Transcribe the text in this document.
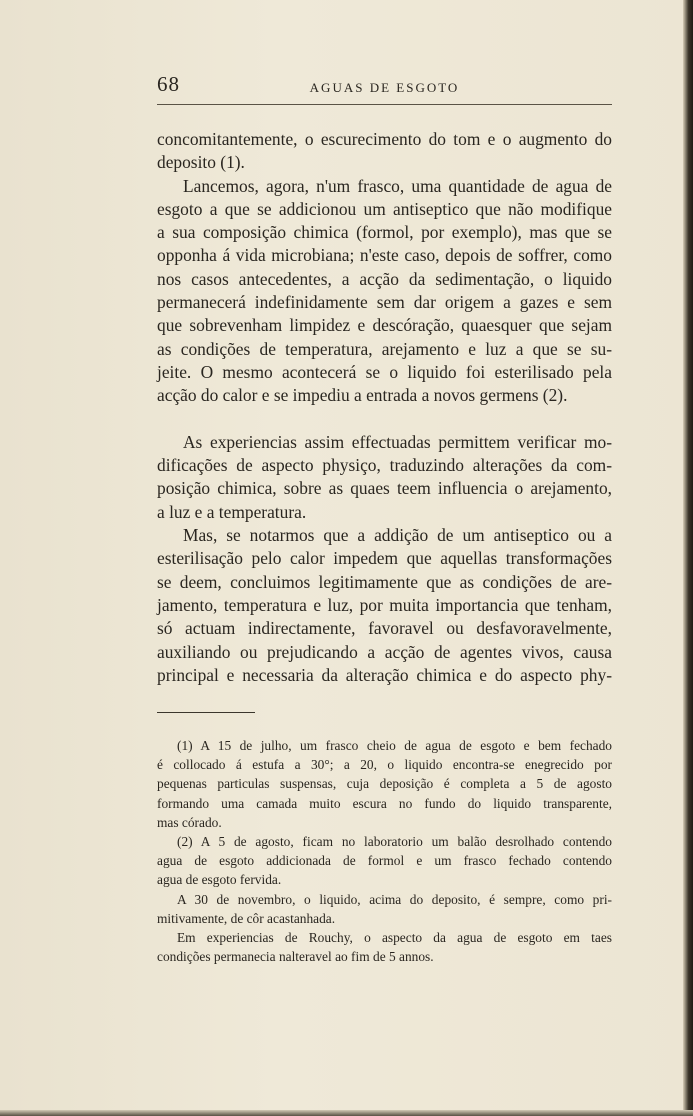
68	AGUAS DE ESGOTO
concomitantemente, o escurecimento do tom e o augmento do
deposito (1).
Lancemos, agora, n'um frasco, uma quantidade de agua de
esgoto a que se addicionou um antiseptico que não modifique
a sua composição chimica (formol, por exemplo), mas que se
opponha á vida microbiana; n'este caso, depois de soffrer, como
nos casos antecedentes, a acção da sedimentação, o liquido
permanecerá indefinidamente sem dar origem a gazes e sem
que sobrevenham limpidez e descóração, quaesquer que sejam
as condições de temperatura, arejamento e luz a que se su-
jeite. O mesmo acontecerá se o liquido foi esterilisado pela
acção do calor e se impediu a entrada a novos germens (2).
As experiencias assim effectuadas permittem verificar mo-
dificações de aspecto physiço, traduzindo alterações da com-
posição chimica, sobre as quaes teem influencia o arejamento,
a luz e a temperatura.
Mas, se notarmos que a addição de um antiseptico ou a
esterilisação pelo calor impedem que aquellas transformações
se deem, concluimos legitimamente que as condições de are-
jamento, temperatura e luz, por muita importancia que tenham,
só actuam indirectamente, favoravel ou desfavoravelmente,
auxiliando ou prejudicando a acção de agentes vivos, causa
principal e necessaria da alteração chimica e do aspecto phy-
(1) A 15 de julho, um frasco cheio de agua de esgoto e bem fechado
é collocado á estufa a 30°; a 20, o liquido encontra-se enegrecido por
pequenas particulas suspensas, cuja deposição é completa a 5 de agosto
formando uma camada muito escura no fundo do liquido transparente,
mas córado.
(2) A 5 de agosto, ficam no laboratorio um balão desrolhado contendo
agua de esgoto addicionada de formol e um frasco fechado contendo
agua de esgoto fervida.
A 30 de novembro, o liquido, acima do deposito, é sempre, como pri-
mitivamente, de côr acastanhada.
Em experiencias de Rouchy, o aspecto da agua de esgoto em taes
condições permanecia nalteravel ao fim de 5 annos.
